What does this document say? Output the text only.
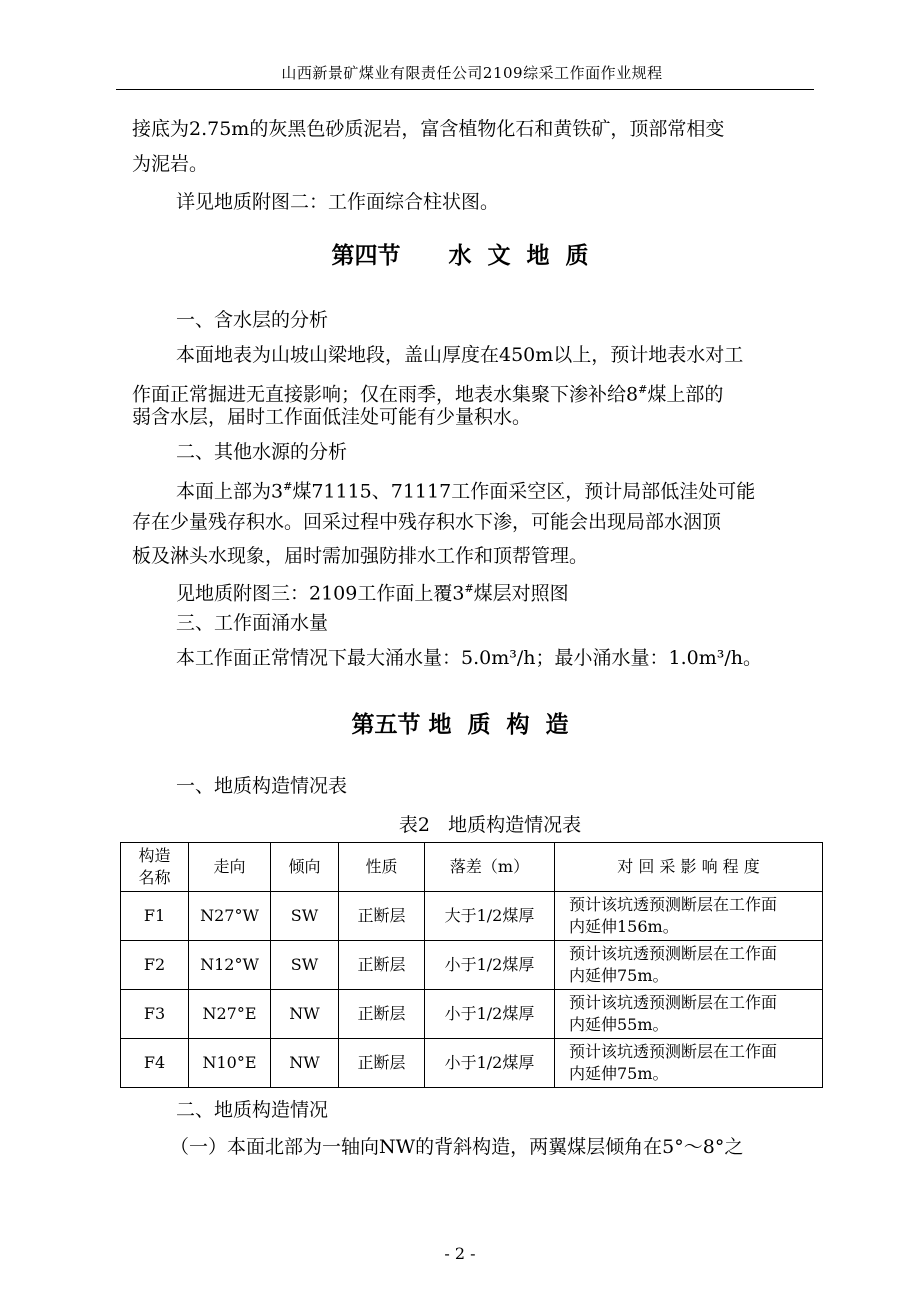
山西新景矿煤业有限责任公司2109综采工作面作业规程
接底为2.75m的灰黑色砂质泥岩，富含植物化石和黄铁矿，顶部常相变
为泥岩。
详见地质附图二：工作面综合柱状图。
第四节      水  文  地  质
一、含水层的分析
本面地表为山坡山梁地段，盖山厚度在450m以上，预计地表水对工
作面正常掘进无直接影响；仅在雨季，地表水集聚下渗补给8#煤上部的
弱含水层，届时工作面低洼处可能有少量积水。
二、其他水源的分析
本面上部为3#煤71115、71117工作面采空区，预计局部低洼处可能
存在少量残存积水。回采过程中残存积水下渗，可能会出现局部水洇顶
板及淋头水现象，届时需加强防排水工作和顶帮管理。
见地质附图三：2109工作面上覆3#煤层对照图
三、工作面涌水量
本工作面正常情况下最大涌水量：5.0m³/h；最小涌水量：1.0m³/h。
第五节 地  质  构  造
一、地质构造情况表
表2   地质构造情况表
构造
名称	走向	倾向	性质	落差（m）	对 回 采 影 响 程 度
F1	N27°W	SW	正断层	大于1/2煤厚	预计该坑透预测断层在工作面
内延伸156m。
F2	N12°W	SW	正断层	小于1/2煤厚	预计该坑透预测断层在工作面
内延伸75m。
F3	N27°E	NW	正断层	小于1/2煤厚	预计该坑透预测断层在工作面
内延伸55m。
F4	N10°E	NW	正断层	小于1/2煤厚	预计该坑透预测断层在工作面
内延伸75m。
二、地质构造情况
（一）本面北部为一轴向NW的背斜构造，两翼煤层倾角在5°～8°之
- 2 -
